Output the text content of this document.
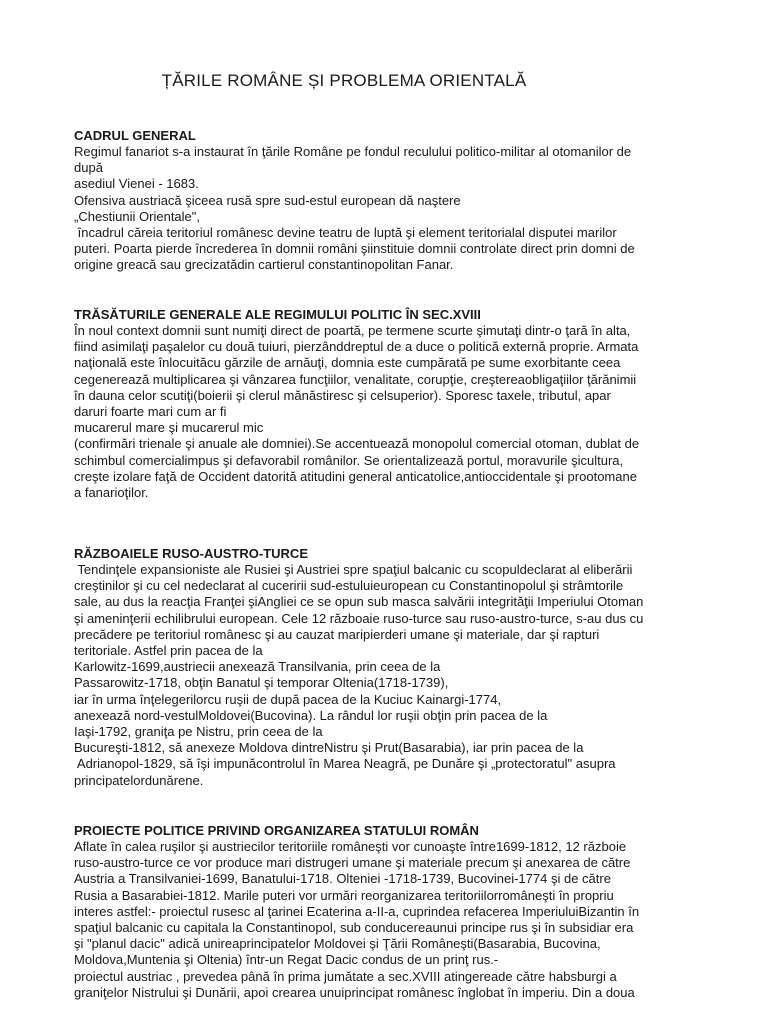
ȚĂRILE ROMÂNE ȘI PROBLEMA ORIENTALĂ
CADRUL GENERAL
Regimul fanariot s-a instaurat în ţările Române pe fondul reculului politico-militar al otomanilor de
după
asediul Vienei - 1683.
Ofensiva austriacă şiceea rusă spre sud-estul european dă naştere
„Chestiunii Orientale",
încadrul căreia teritoriul românesc devine teatru de luptă şi element teritorialal disputei marilor
puteri. Poarta pierde încrederea în domnii români şiinstituie domnii controlate direct prin domni de
origine greacă sau grecizatădin cartierul constantinopolitan Fanar.
TRĂSĂTURILE GENERALE ALE REGIMULUI POLITIC ÎN SEC.XVIII
În noul context domnii sunt numiţi direct de poartă, pe termene scurte şimutaţi dintr-o ţară în alta,
fiind asimilaţi paşalelor cu două tuiuri, pierzânddreptul de a duce o politică externă proprie. Armata
naţională este înlocuităcu gărzile de arnăuţi, domnia este cumpărată pe sume exorbitante ceea
cegenerează multiplicarea şi vânzarea funcţiilor, venalitate, corupţie, creştereaobligaţiilor ţărănimii
în dauna celor scutiţi(boierii şi clerul mănăstiresc şi celsuperior). Sporesc taxele, tributul, apar
daruri foarte mari cum ar fi
mucarerul mare şi mucarerul mic
(confirmări trienale şi anuale ale domniei).Se accentuează monopolul comercial otoman, dublat de
schimbul comercialimpus şi defavorabil românilor. Se orientalizează portul, moravurile şicultura,
creşte izolare faţă de Occident datorită atitudini general anticatolice,antioccidentale şi prootomane
a fanarioţilor.
RĂZBOAIELE RUSO-AUSTRO-TURCE
Tendinţele expansioniste ale Rusiei şi Austriei spre spaţiul balcanic cu scopuldeclarat al eliberării
creştinilor şi cu cel nedeclarat al cuceririi sud-estuluieuropean cu Constantinopolul şi strâmtorile
sale, au dus la reacţia Franţei şiAngliei ce se opun sub masca salvării integrităţii Imperiului Otoman
şi ameninţerii echilibrului european. Cele 12 războaie ruso-turce sau ruso-austro-turce, s-au dus cu
precădere pe teritoriul românesc şi au cauzat maripierderi umane şi materiale, dar şi rapturi
teritoriale. Astfel prin pacea de la
Karlowitz-1699,austriecii anexează Transilvania, prin ceea de la
Passarowitz-1718, obţin Banatul şi temporar Oltenia(1718-1739),
iar în urma înţelegerilorcu ruşii de după pacea de la Kuciuc Kainargi-1774,
anexează nord-vestulMoldovei(Bucovina). La rândul lor ruşii obţin prin pacea de la
Iaşi-1792, graniţa pe Nistru, prin ceea de la
Bucureşti-1812, să anexeze Moldova dintreNistru şi Prut(Basarabia), iar prin pacea de la
Adrianopol-1829, să îşi impunăcontrolul în Marea Neagră, pe Dunăre şi „protectoratul" asupra
principatelordunărene.
PROIECTE POLITICE PRIVIND ORGANIZAREA STATULUI ROMÂN
Aflate în calea ruşilor şi austriecilor teritoriile româneşti vor cunoaşte între1699-1812, 12 războie
ruso-austro-turce ce vor produce mari distrugeri umane şi materiale precum şi anexarea de către
Austria a Transilvaniei-1699, Banatului-1718. Olteniei -1718-1739, Bucovinei-1774 şi de către
Rusia a Basarabiei-1812. Marile puteri vor urmări reorganizarea teritoriilorromâneşti în propriu
interes astfel:- proiectul rusesc al ţarinei Ecaterina a-II-a, cuprindea refacerea ImperiuluiBizantin în
spaţiul balcanic cu capitala la Constantinopol, sub conducereaunui principe rus şi în subsidiar era
şi "planul dacic" adică unireaprincipatelor Moldovei şi Ţării Româneşti(Basarabia, Bucovina,
Moldova,Muntenia şi Oltenia) într-un Regat Dacic condus de un prinţ rus.-
proiectul austriac , prevedea până în prima jumătate a sec.XVIII atingereade către habsburgi a
graniţelor Nistrului şi Dunării, apoi crearea unuiprincipat românesc înglobat în imperiu. Din a doua
